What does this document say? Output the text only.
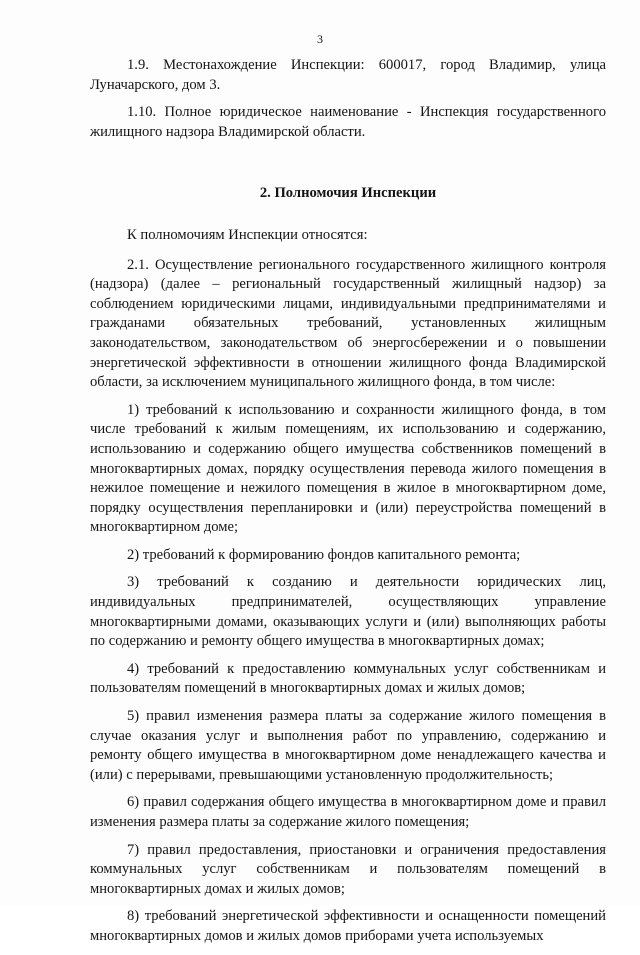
3

1.9. Местонахождение Инспекции: 600017, город Владимир, улица Луначарского, дом 3.

1.10. Полное юридическое наименование - Инспекция государственного жилищного надзора Владимирской области.

2. Полномочия Инспекции

К полномочиям Инспекции относятся:

2.1. Осуществление регионального государственного жилищного контроля (надзора) (далее – региональный государственный жилищный надзор) за соблюдением юридическими лицами, индивидуальными предпринимателями и гражданами обязательных требований, установленных жилищным законодательством, законодательством об энергосбережении и о повышении энергетической эффективности в отношении жилищного фонда Владимирской области, за исключением муниципального жилищного фонда, в том числе:

1) требований к использованию и сохранности жилищного фонда, в том числе требований к жилым помещениям, их использованию и содержанию, использованию и содержанию общего имущества собственников помещений в многоквартирных домах, порядку осуществления перевода жилого помещения в нежилое помещение и нежилого помещения в жилое в многоквартирном доме, порядку осуществления перепланировки и (или) переустройства помещений в многоквартирном доме;

2) требований к формированию фондов капитального ремонта;

3) требований к созданию и деятельности юридических лиц, индивидуальных предпринимателей, осуществляющих управление многоквартирными домами, оказывающих услуги и (или) выполняющих работы по содержанию и ремонту общего имущества в многоквартирных домах;

4) требований к предоставлению коммунальных услуг собственникам и пользователям помещений в многоквартирных домах и жилых домов;

5) правил изменения размера платы за содержание жилого помещения в случае оказания услуг и выполнения работ по управлению, содержанию и ремонту общего имущества в многоквартирном доме ненадлежащего качества и (или) с перерывами, превышающими установленную продолжительность;

6) правил содержания общего имущества в многоквартирном доме и правил изменения размера платы за содержание жилого помещения;

7) правил предоставления, приостановки и ограничения предоставления коммунальных услуг собственникам и пользователям помещений в многоквартирных домах и жилых домов;

8) требований энергетической эффективности и оснащенности помещений многоквартирных домов и жилых домов приборами учета используемых
